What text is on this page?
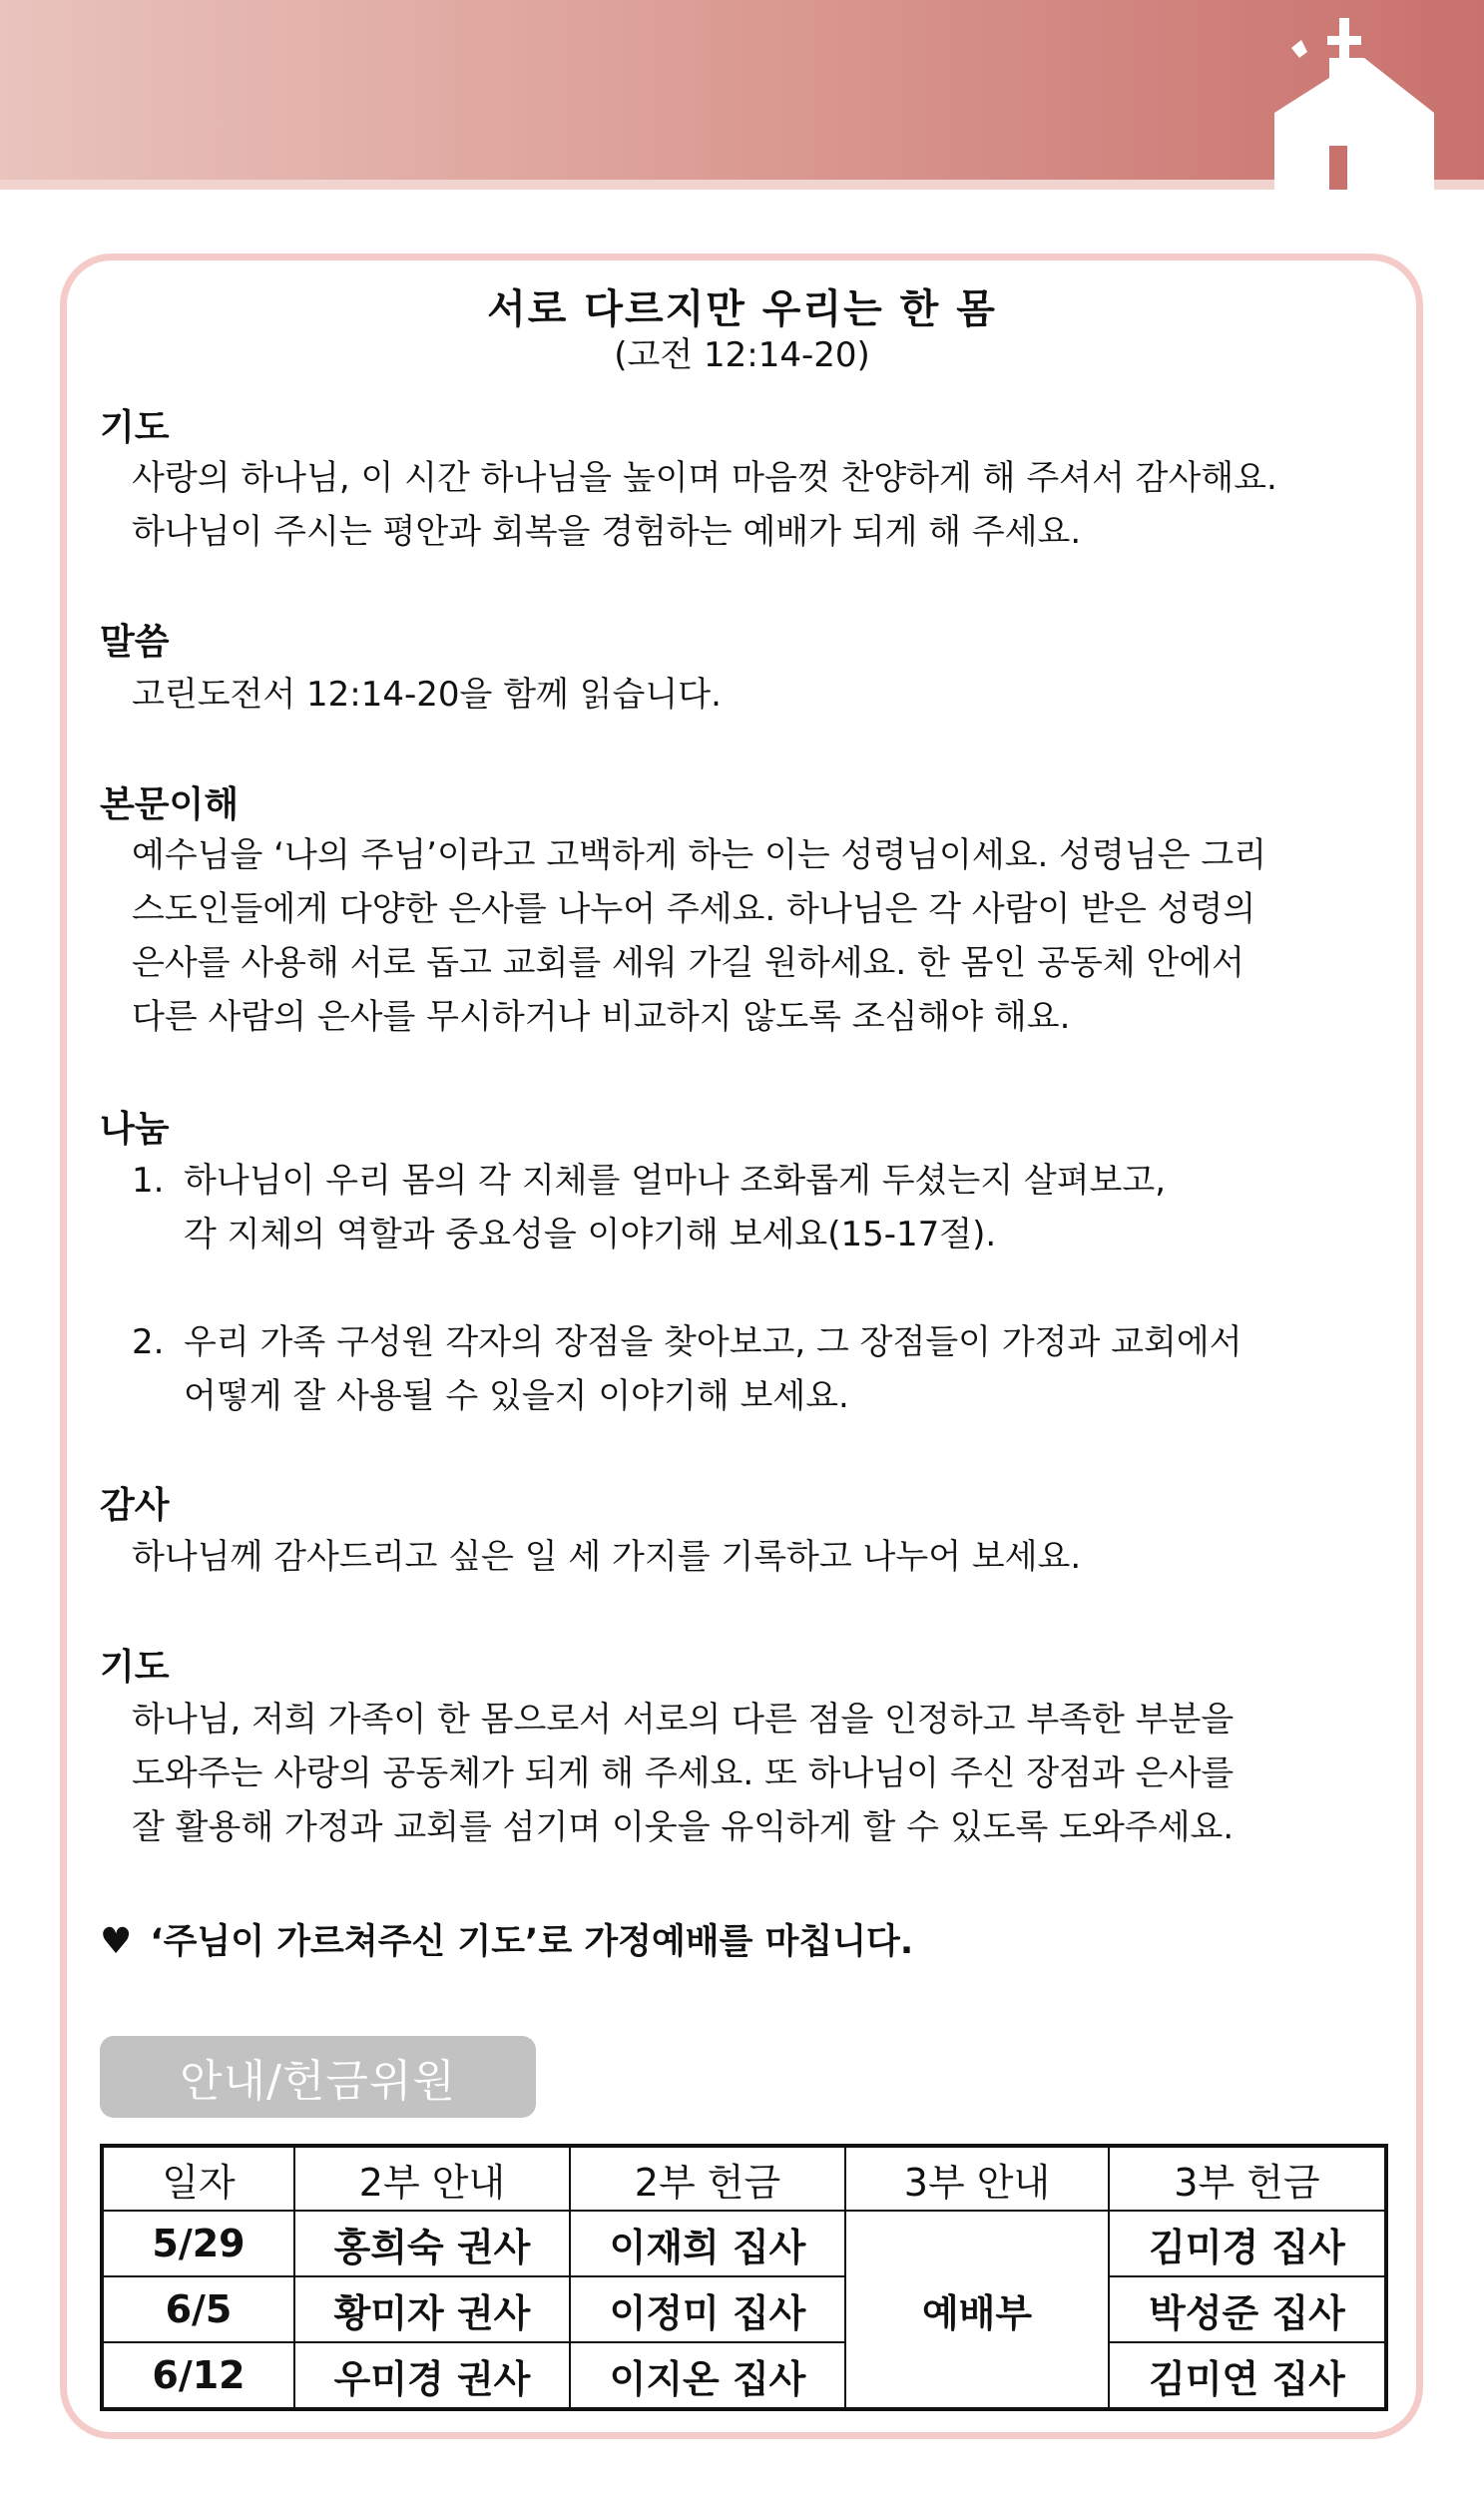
서로 다르지만 우리는 한 몸
(고전 12:14-20)
기도
사랑의 하나님, 이 시간 하나님을 높이며 마음껏 찬양하게 해 주셔서 감사해요.
하나님이 주시는 평안과 회복을 경험하는 예배가 되게 해 주세요.
말씀
고린도전서 12:14-20을 함께 읽습니다.
본문이해
예수님을 ‘나의 주님’이라고 고백하게 하는 이는 성령님이세요. 성령님은 그리
스도인들에게 다양한 은사를 나누어 주세요. 하나님은 각 사람이 받은 성령의
은사를 사용해 서로 돕고 교회를 세워 가길 원하세요. 한 몸인 공동체 안에서
다른 사람의 은사를 무시하거나 비교하지 않도록 조심해야 해요.
나눔
1. 하나님이 우리 몸의 각 지체를 얼마나 조화롭게 두셨는지 살펴보고,
각 지체의 역할과 중요성을 이야기해 보세요(15-17절).
2. 우리 가족 구성원 각자의 장점을 찾아보고, 그 장점들이 가정과 교회에서
어떻게 잘 사용될 수 있을지 이야기해 보세요.
감사
하나님께 감사드리고 싶은 일 세 가지를 기록하고 나누어 보세요.
기도
하나님, 저희 가족이 한 몸으로서 서로의 다른 점을 인정하고 부족한 부분을
도와주는 사랑의 공동체가 되게 해 주세요. 또 하나님이 주신 장점과 은사를
잘 활용해 가정과 교회를 섬기며 이웃을 유익하게 할 수 있도록 도와주세요.
♥ ‘주님이 가르쳐주신 기도’로 가정예배를 마칩니다.
안내/헌금위원
일자	2부 안내	2부 헌금	3부 안내	3부 헌금
5/29	홍희숙 권사	이재희 집사	예배부	김미경 집사
6/5	황미자 권사	이정미 집사		박성준 집사
6/12	우미경 권사	이지온 집사		김미연 집사
